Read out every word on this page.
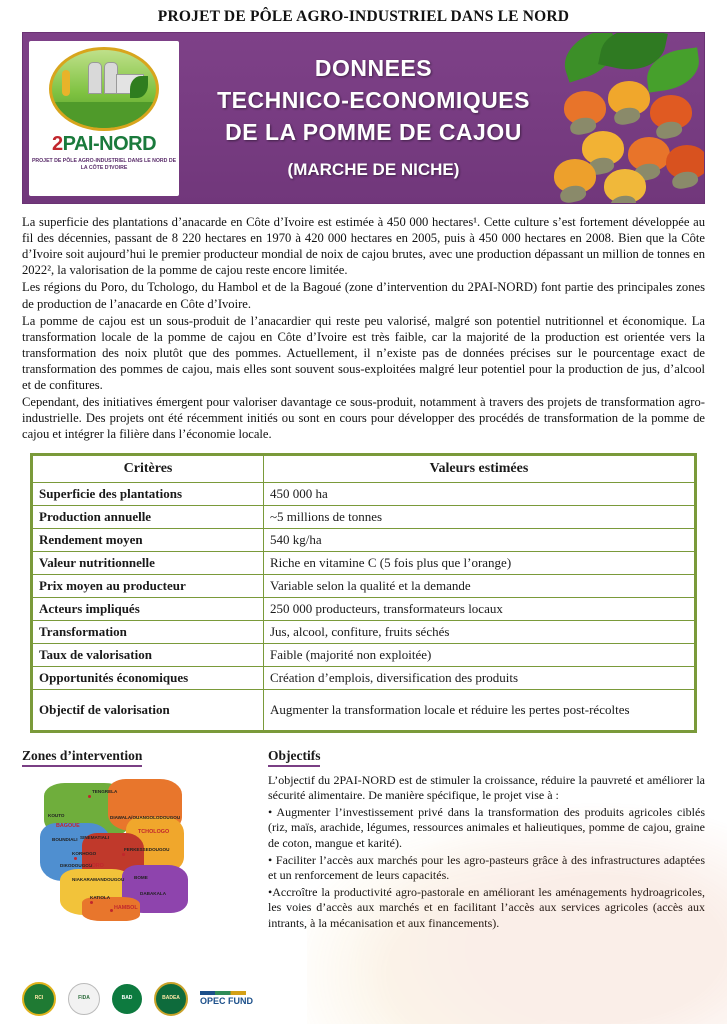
PROJET DE PÔLE AGRO-INDUSTRIEL DANS LE NORD
2PAI-NORD
PROJET DE PÔLE AGRO-INDUSTRIEL DANS LE NORD DE LA CÔTE D'IVOIRE
DONNEES
TECHNICO-ECONOMIQUES
DE LA POMME DE CAJOU
(MARCHE DE NICHE)

La superficie des plantations d’anacarde en Côte d’Ivoire est estimée à 450 000 hectares¹. Cette culture s’est fortement développée au fil des décennies, passant de 8 220 hectares en 1970 à 420 000 hectares en 2005, puis à 450 000 hectares en 2008. Bien que la Côte d’Ivoire soit aujourd’hui le premier producteur mondial de noix de cajou brutes, avec une production dépassant un million de tonnes en 2022², la valorisation de la pomme de cajou reste encore limitée.

Les régions du Poro, du Tchologo, du Hambol et de la Bagoué (zone d’intervention du 2PAI-NORD) font partie des principales zones de production de l’anacarde en Côte d’Ivoire.

La pomme de cajou est un sous-produit de l’anacardier qui reste peu valorisé, malgré son potentiel nutritionnel et économique. La transformation locale de la pomme de cajou en Côte d’Ivoire est très faible, car la majorité de la production est orientée vers la transformation des noix plutôt que des pommes. Actuellement, il n’existe pas de données précises sur le pourcentage exact de transformation des pommes de cajou, mais elles sont souvent sous-exploitées malgré leur potentiel pour la production de jus, d’alcool et de confitures.

Cependant, des initiatives émergent pour valoriser davantage ce sous-produit, notamment à travers des projets de transformation agro-industrielle. Des projets ont été récemment initiés ou sont en cours pour développer des procédés de transformation de la pomme de cajou et intégrer la filière dans l’économie locale.

Critères	Valeurs estimées
Superficie des plantations	450 000 ha
Production annuelle	~5 millions de tonnes
Rendement moyen	540 kg/ha
Valeur nutritionnelle	Riche en vitamine C (5 fois plus que l’orange)
Prix moyen au producteur	Variable selon la qualité et la demande
Acteurs impliqués	250 000 producteurs, transformateurs locaux
Transformation	Jus, alcool, confiture, fruits séchés
Taux de valorisation	Faible (majorité non exploitée)
Opportunités économiques	Création d’emplois, diversification des produits
Objectif de valorisation	Augmenter la transformation locale et réduire les pertes post-récoltes
Zones d’intervention
TENGRELA
KOUTO
BAGOUE
BOUNDIALI SINEMATIALI
DIAWALA/OUANGOLODOUGOU
TCHOLOGO
KORHOGO
FERKESSEDOUGOU
DIKODOUGOU
PORO
NIAKARAMANDOUGOU BOME
DABAKALA
KATIOLA
HAMBOL
Objectifs

L’objectif du 2PAI-NORD est de stimuler la croissance, réduire la pauvreté et améliorer la sécurité alimentaire. De manière spécifique, le projet vise à :

• Augmenter l’investissement privé dans la transformation des produits agricoles ciblés (riz, maïs, arachide, légumes, ressources animales et halieutiques, pomme de cajou, graine de coton, mangue et karité).

• Faciliter l’accès aux marchés pour les agro-pasteurs grâce à des infrastructures adaptées et un renforcement de leurs capacités.

•Accroître la productivité agro-pastorale en améliorant les aménagements hydroagricoles, les voies d’accès aux marchés et en facilitant l’accès aux services agricoles (accès aux intrants, à la mécanisation et aux financements).

RCI	FIDA	BAD	BADEA	OPEC FUND
